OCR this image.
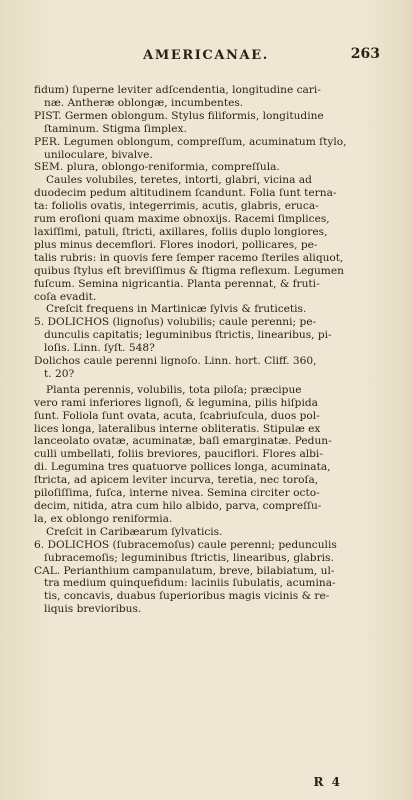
AMERICANAE.	263
fidum) ſuperne leviter adſcendentia, longitudine cari-
næ. Antheræ oblongæ, incumbentes.
PIST. Germen oblongum. Stylus filiformis, longitudine
ſtaminum. Stigma ſimplex.
PER. Legumen oblongum, compreſſum, acuminatum ſtylo,
uniloculare, bivalve.
SEM. plura, oblongo-reniformia, compreſſula.
Caules volubiles, teretes, intorti, glabri, vicina ad
duodecim pedum altitudinem ſcandunt. Folia ſunt terna-
ta: foliolis ovatis, integerrimis, acutis, glabris, eruca-
rum eroſioni quam maxime obnoxijs. Racemi ſimplices,
laxiſſimi, patuli, ſtricti, axillares, foliis duplo longiores,
plus minus decemflori. Flores inodori, pollicares, pe-
talis rubris: in quovis fere ſemper racemo ſteriles aliquot,
quibus ſtylus eſt breviſſimus & ſtigma reflexum. Legumen
fuſcum. Semina nigricantia. Planta perennat, & fruti-
coſa evadit.
Creſcit frequens in Martinicæ ſylvis & fruticetis.
5. DOLICHOS (lignoſus) volubilis; caule perenni; pe-
dunculis capitatis; leguminibus ſtrictis, linearibus, pi-
loſis. Linn. ſyſt. 548?
Dolichos caule perenni lignoſo. Linn. hort. Cliff. 360,
t. 20?
Planta perennis, volubilis, tota piloſa; præcipue
vero rami inferiores lignoſi, & legumina, pilis hiſpida
ſunt. Foliola ſunt ovata, acuta, ſcabriuſcula, duos pol-
lices longa, lateralibus interne obliteratis. Stipulæ ex
lanceolato ovatæ, acuminatæ, baſi emarginatæ. Pedun-
culli umbellati, foliis breviores, pauciflori. Flores albi-
di. Legumina tres quatuorve pollices longa, acuminata,
ſtricta, ad apicem leviter incurva, teretia, nec toroſa,
piloſiſſima, fuſca, interne nivea. Semina circiter octo-
decim, nitida, atra cum hilo albido, parva, compreſſu-
la, ex oblongo reniformia.
Creſcit in Caribæarum ſylvaticis.
6. DOLICHOS (ſubracemoſus) caule perenni; pedunculis
ſubracemoſis; leguminibus ſtrictis, linearibus, glabris.
CAL. Perianthium campanulatum, breve, bilabiatum, ul-
tra medium quinquefidum: laciniis ſubulatis, acumina-
tis, concavis, duabus ſuperioribus magis vicinis & re-
liquis brevioribus.
R 4
